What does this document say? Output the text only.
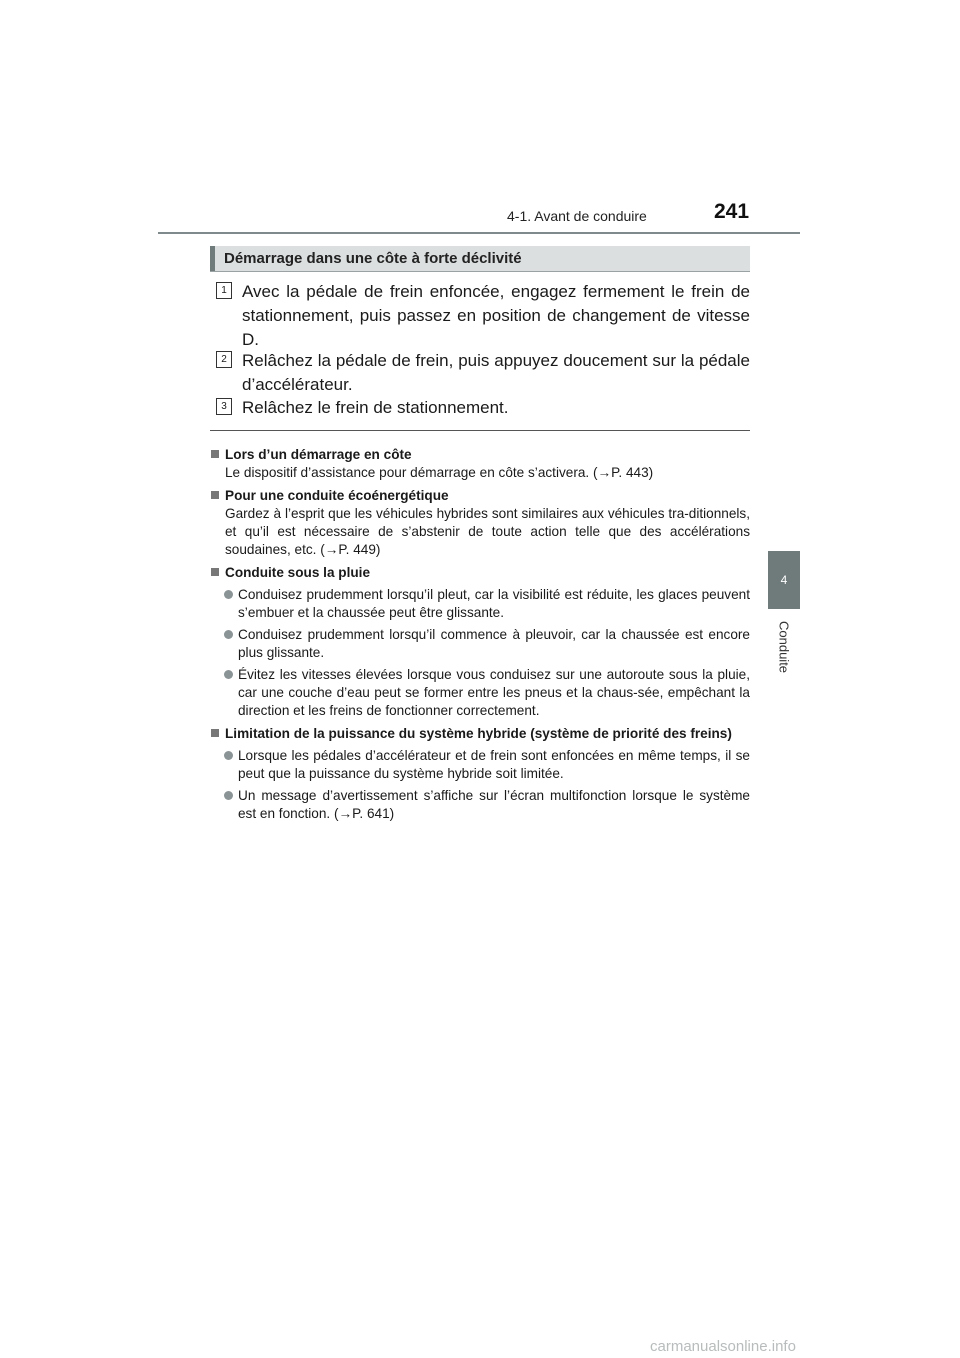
4-1. Avant de conduire	241
4
Conduite
Démarrage dans une côte à forte déclivité
1 Avec la pédale de frein enfoncée, engagez fermement le frein de stationnement, puis passez en position de changement de vitesse D.
2 Relâchez la pédale de frein, puis appuyez doucement sur la pédale d’accélérateur.
3 Relâchez le frein de stationnement.
Lors d’un démarrage en côte
Le dispositif d’assistance pour démarrage en côte s’activera. (→P. 443)
Pour une conduite écoénergétique
Gardez à l’esprit que les véhicules hybrides sont similaires aux véhicules tra-ditionnels, et qu’il est nécessaire de s’abstenir de toute action telle que des accélérations soudaines, etc. (→P. 449)
Conduite sous la pluie
Conduisez prudemment lorsqu’il pleut, car la visibilité est réduite, les glaces peuvent s’embuer et la chaussée peut être glissante.
Conduisez prudemment lorsqu’il commence à pleuvoir, car la chaussée est encore plus glissante.
Évitez les vitesses élevées lorsque vous conduisez sur une autoroute sous la pluie, car une couche d’eau peut se former entre les pneus et la chaus-sée, empêchant la direction et les freins de fonctionner correctement.
Limitation de la puissance du système hybride (système de priorité des freins)
Lorsque les pédales d’accélérateur et de frein sont enfoncées en même temps, il se peut que la puissance du système hybride soit limitée.
Un message d’avertissement s’affiche sur l’écran multifonction lorsque le système est en fonction. (→P. 641)
carmanualsonline.info
